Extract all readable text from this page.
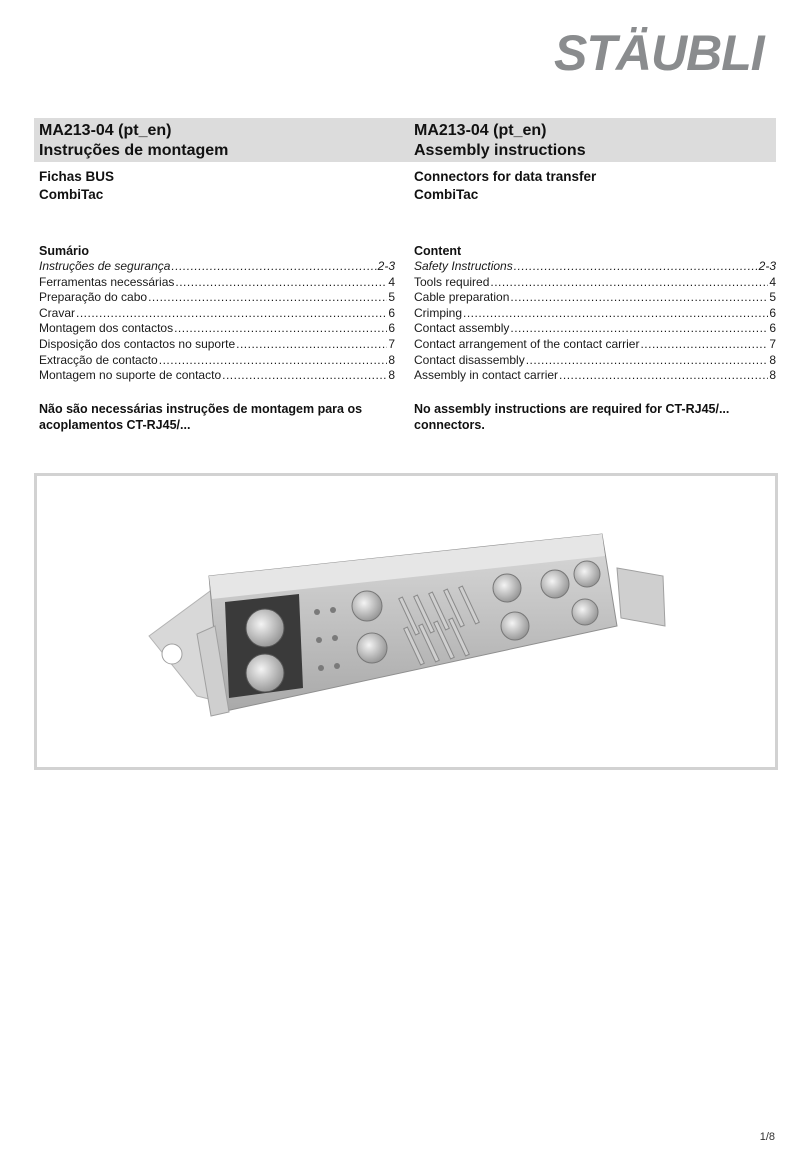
STÄUBLI
MA213-04 (pt_en)
Instruções de montagem
Fichas BUS
CombiTac
Sumário
Instruções de segurança .....	2-3
Ferramentas necessárias .....	4
Preparação do cabo .....	5
Cravar .....	6
Montagem dos contactos .....	6
Disposição dos contactos no suporte .....	7
Extracção de contacto .....	8
Montagem no suporte de contacto .....	8
Não são necessárias instruções de montagem para os acoplamentos CT-RJ45/...
MA213-04 (pt_en)
Assembly instructions
Connectors for data transfer
CombiTac
Content
Safety Instructions .....	2-3
Tools required .....	4
Cable preparation .....	5
Crimping .....	6
Contact assembly .....	6
Contact arrangement of the contact carrier .....	7
Contact disassembly .....	8
Assembly in contact carrier .....	8
No assembly instructions are required for CT-RJ45/... connectors.
1/8
